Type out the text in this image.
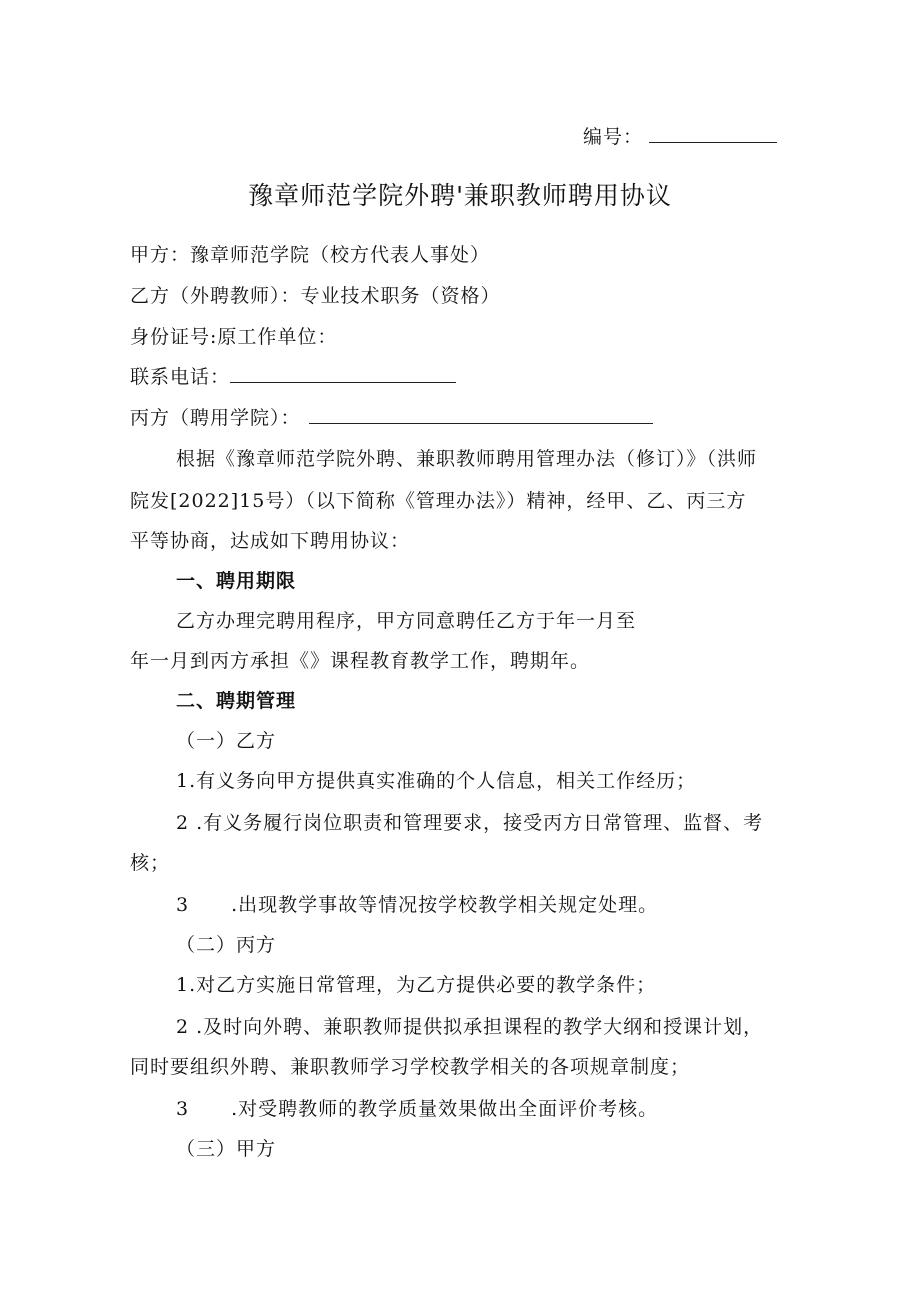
编号：
豫章师范学院外聘'兼职教师聘用协议
甲方：豫章师范学院（校方代表人事处）
乙方（外聘教师）：专业技术职务（资格）
身份证号:原工作单位：
联系电话：
丙方（聘用学院）：
根据《豫章师范学院外聘、兼职教师聘用管理办法（修订）》（洪师
院发[2022]15号）（以下简称《管理办法》）精神，经甲、乙、丙三方
平等协商，达成如下聘用协议：
一、聘用期限
乙方办理完聘用程序，甲方同意聘任乙方于年一月至
年一月到丙方承担《》课程教育教学工作，聘期年。
二、聘期管理
（一）乙方
1.有义务向甲方提供真实准确的个人信息，相关工作经历；
2 .有义务履行岗位职责和管理要求，接受丙方日常管理、监督、考
核；
3 .出现教学事故等情况按学校教学相关规定处理。
（二）丙方
1.对乙方实施日常管理，为乙方提供必要的教学条件；
2 .及时向外聘、兼职教师提供拟承担课程的教学大纲和授课计划，
同时要组织外聘、兼职教师学习学校教学相关的各项规章制度；
3 .对受聘教师的教学质量效果做出全面评价考核。
（三）甲方
